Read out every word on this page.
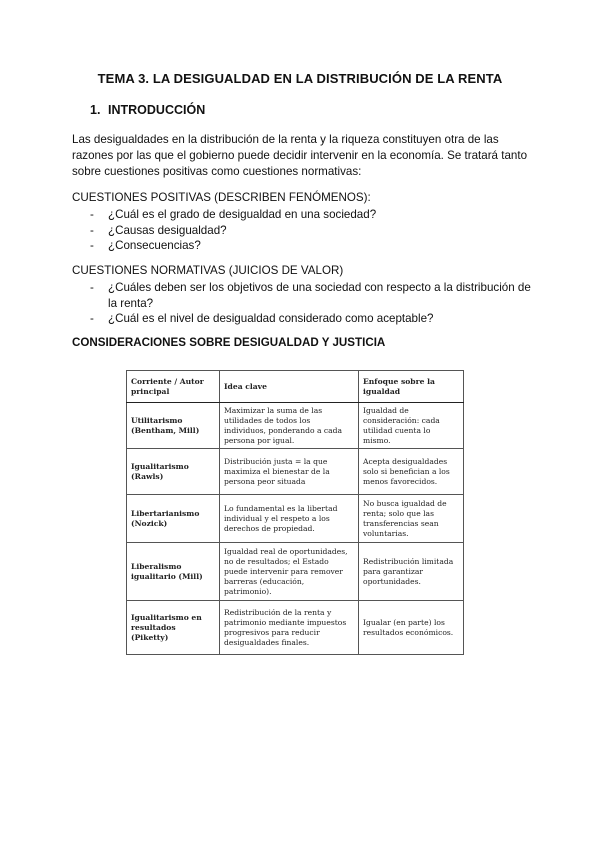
TEMA 3. LA DESIGUALDAD EN LA DISTRIBUCIÓN DE LA RENTA
1. INTRODUCCIÓN
Las desigualdades en la distribución de la renta y la riqueza constituyen otra de las razones por las que el gobierno puede decidir intervenir en la economía. Se tratará tanto sobre cuestiones positivas como cuestiones normativas:
CUESTIONES POSITIVAS (DESCRIBEN FENÓMENOS):
- ¿Cuál es el grado de desigualdad en una sociedad?
- ¿Causas desigualdad?
- ¿Consecuencias?
CUESTIONES NORMATIVAS (JUICIOS DE VALOR)
- ¿Cuáles deben ser los objetivos de una sociedad con respecto a la distribución de la renta?
- ¿Cuál es el nivel de desigualdad considerado como aceptable?
CONSIDERACIONES SOBRE DESIGUALDAD Y JUSTICIA
Corriente / Autor principal	Idea clave	Enfoque sobre la igualdad
Utilitarismo (Bentham, Mill)	Maximizar la suma de las utilidades de todos los individuos, ponderando a cada persona por igual.	Igualdad de consideración: cada utilidad cuenta lo mismo.
Igualitarismo (Rawls)	Distribución justa = la que maximiza el bienestar de la persona peor situada	Acepta desigualdades solo si benefician a los menos favorecidos.
Libertarianismo (Nozick)	Lo fundamental es la libertad individual y el respeto a los derechos de propiedad.	No busca igualdad de renta; solo que las transferencias sean voluntarias.
Liberalismo igualitario (Mill)	Igualdad real de oportunidades, no de resultados; el Estado puede intervenir para remover barreras (educación, patrimonio).	Redistribución limitada para garantizar oportunidades.
Igualitarismo en resultados (Piketty)	Redistribución de la renta y patrimonio mediante impuestos progresivos para reducir desigualdades finales.	Igualar (en parte) los resultados económicos.
